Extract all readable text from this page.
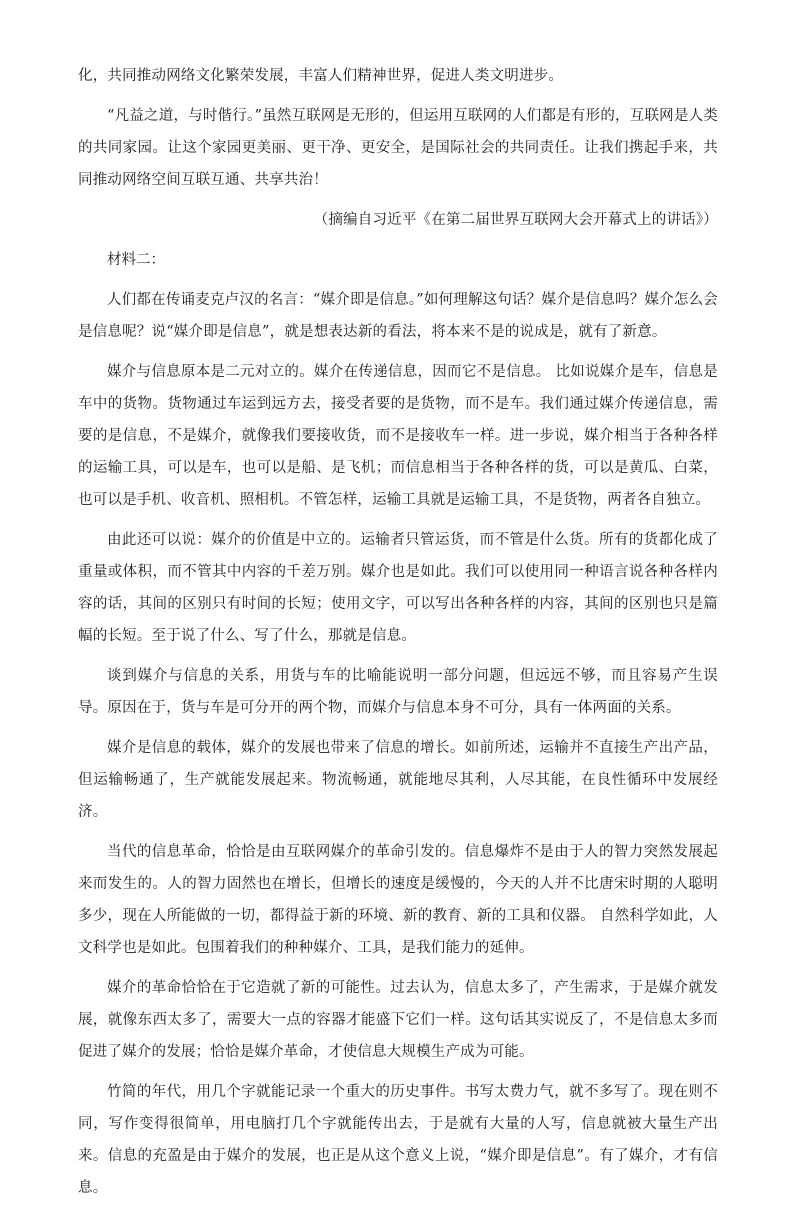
化，共同推动网络文化繁荣发展，丰富人们精神世界，促进人类文明进步。

“凡益之道，与时偕行。”虽然互联网是无形的，但运用互联网的人们都是有形的，互联网是人类的共同家园。让这个家园更美丽、更干净、更安全，是国际社会的共同责任。让我们携起手来，共同推动网络空间互联互通、共享共治！

（摘编自习近平《在第二届世界互联网大会开幕式上的讲话》）

材料二：

人们都在传诵麦克卢汉的名言：“媒介即是信息。”如何理解这句话？媒介是信息吗？媒介怎么会是信息呢？说“媒介即是信息”，就是想表达新的看法，将本来不是的说成是，就有了新意。

媒介与信息原本是二元对立的。媒介在传递信息，因而它不是信息。 比如说媒介是车，信息是车中的货物。货物通过车运到远方去，接受者要的是货物，而不是车。我们通过媒介传递信息，需要的是信息，不是媒介，就像我们要接收货，而不是接收车一样。进一步说，媒介相当于各种各样的运输工具，可以是车，也可以是船、是飞机；而信息相当于各种各样的货，可以是黄瓜、白菜，也可以是手机、收音机、照相机。不管怎样，运输工具就是运输工具，不是货物，两者各自独立。

由此还可以说：媒介的价值是中立的。运输者只管运货，而不管是什么货。所有的货都化成了重量或体积，而不管其中内容的千差万别。媒介也是如此。我们可以使用同一种语言说各种各样内容的话，其间的区别只有时间的长短；使用文字，可以写出各种各样的内容，其间的区别也只是篇幅的长短。至于说了什么、写了什么，那就是信息。

谈到媒介与信息的关系，用货与车的比喻能说明一部分问题，但远远不够，而且容易产生误导。原因在于，货与车是可分开的两个物，而媒介与信息本身不可分，具有一体两面的关系。

媒介是信息的载体，媒介的发展也带来了信息的增长。如前所述，运输并不直接生产出产品，但运输畅通了，生产就能发展起来。物流畅通，就能地尽其利，人尽其能，在良性循环中发展经济。

当代的信息革命，恰恰是由互联网媒介的革命引发的。信息爆炸不是由于人的智力突然发展起来而发生的。人的智力固然也在增长，但增长的速度是缓慢的，今天的人并不比唐宋时期的人聪明多少，现在人所能做的一切，都得益于新的环境、新的教育、新的工具和仪器。 自然科学如此，人文科学也是如此。包围着我们的种种媒介、工具，是我们能力的延伸。

媒介的革命恰恰在于它造就了新的可能性。过去认为，信息太多了，产生需求，于是媒介就发展，就像东西太多了，需要大一点的容器才能盛下它们一样。这句话其实说反了，不是信息太多而促进了媒介的发展；恰恰是媒介革命，才使信息大规模生产成为可能。

竹简的年代，用几个字就能记录一个重大的历史事件。书写太费力气，就不多写了。现在则不同，写作变得很简单，用电脑打几个字就能传出去，于是就有大量的人写，信息就被大量生产出来。信息的充盈是由于媒介的发展，也正是从这个意义上说，“媒介即是信息”。有了媒介，才有信息。
